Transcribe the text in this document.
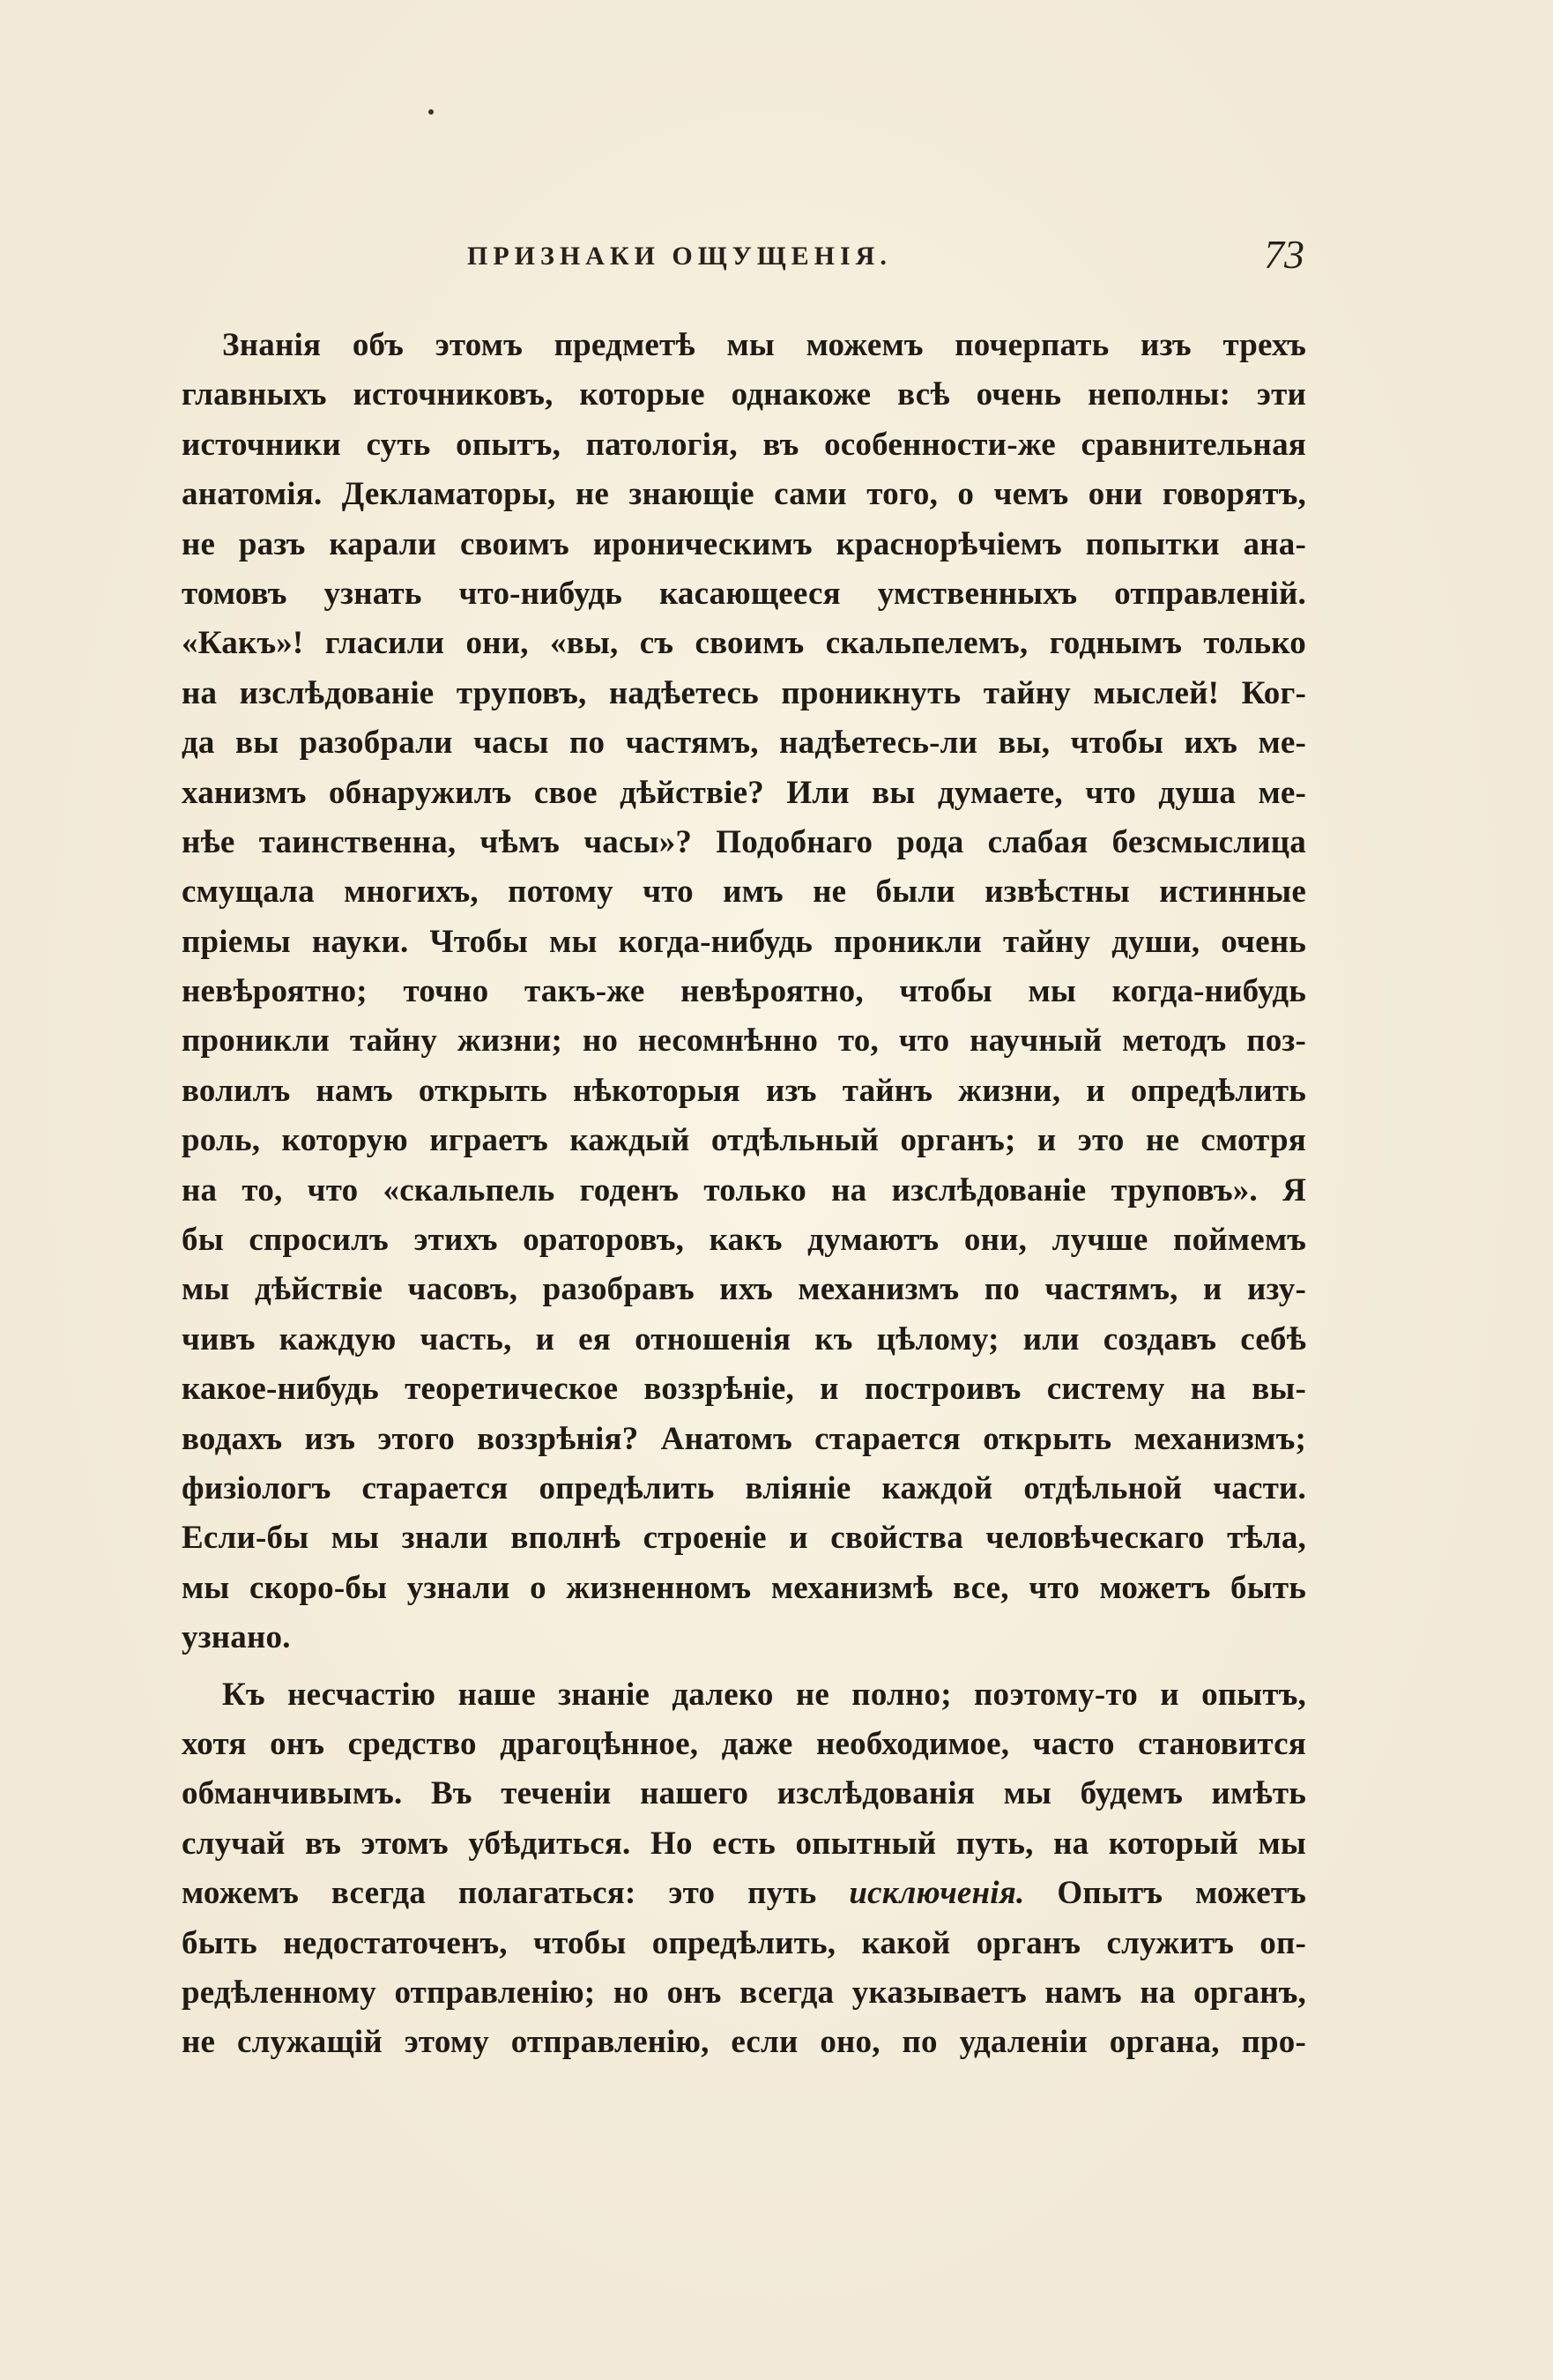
ПРИЗНАКИ ОЩУЩЕНІЯ.	73
Знанія объ этомъ предметѣ мы можемъ почерпать изъ трехъ
главныхъ источниковъ, которые однакоже всѣ очень неполны: эти
источники суть опытъ, патологія, въ особенности-же сравнительная
анатомія. Декламаторы, не знающіе сами того, о чемъ они говорятъ,
не разъ карали своимъ ироническимъ краснорѣчіемъ попытки ана-
томовъ узнать что-нибудь касающееся умственныхъ отправленій.
«Какъ»! гласили они, «вы, съ своимъ скальпелемъ, годнымъ только
на изслѣдованіе труповъ, надѣетесь проникнуть тайну мыслей! Ког-
да вы разобрали часы по частямъ, надѣетесь-ли вы, чтобы ихъ ме-
ханизмъ обнаружилъ свое дѣйствіе? Или вы думаете, что душа ме-
нѣе таинственна, чѣмъ часы»? Подобнаго рода слабая безсмыслица
смущала многихъ, потому что имъ не были извѣстны истинные
пріемы науки. Чтобы мы когда-нибудь проникли тайну души, очень
невѣроятно; точно такъ-же невѣроятно, чтобы мы когда-нибудь
проникли тайну жизни; но несомнѣнно то, что научный методъ поз-
волилъ намъ открыть нѣкоторыя изъ тайнъ жизни, и опредѣлить
роль, которую играетъ каждый отдѣльный органъ; и это не смотря
на то, что «скальпель годенъ только на изслѣдованіе труповъ». Я
бы спросилъ этихъ ораторовъ, какъ думаютъ они, лучше поймемъ
мы дѣйствіе часовъ, разобравъ ихъ механизмъ по частямъ, и изу-
чивъ каждую часть, и ея отношенія къ цѣлому; или создавъ себѣ
какое-нибудь теоретическое воззрѣніе, и построивъ систему на вы-
водахъ изъ этого воззрѣнія? Анатомъ старается открыть механизмъ;
физіологъ старается опредѣлить вліяніе каждой отдѣльной части.
Если-бы мы знали вполнѣ строеніе и свойства человѣческаго тѣла,
мы скоро-бы узнали о жизненномъ механизмѣ все, что можетъ быть
узнано.
Къ несчастію наше знаніе далеко не полно; поэтому-то и опытъ,
хотя онъ средство драгоцѣнное, даже необходимое, часто становится
обманчивымъ. Въ теченіи нашего изслѣдованія мы будемъ имѣть
случай въ этомъ убѣдиться. Но есть опытный путь, на который мы
можемъ всегда полагаться: это путь исключенія. Опытъ можетъ
быть недостаточенъ, чтобы опредѣлить, какой органъ служитъ оп-
редѣленному отправленію; но онъ всегда указываетъ намъ на органъ,
не служащій этому отправленію, если оно, по удаленіи органа, про-
